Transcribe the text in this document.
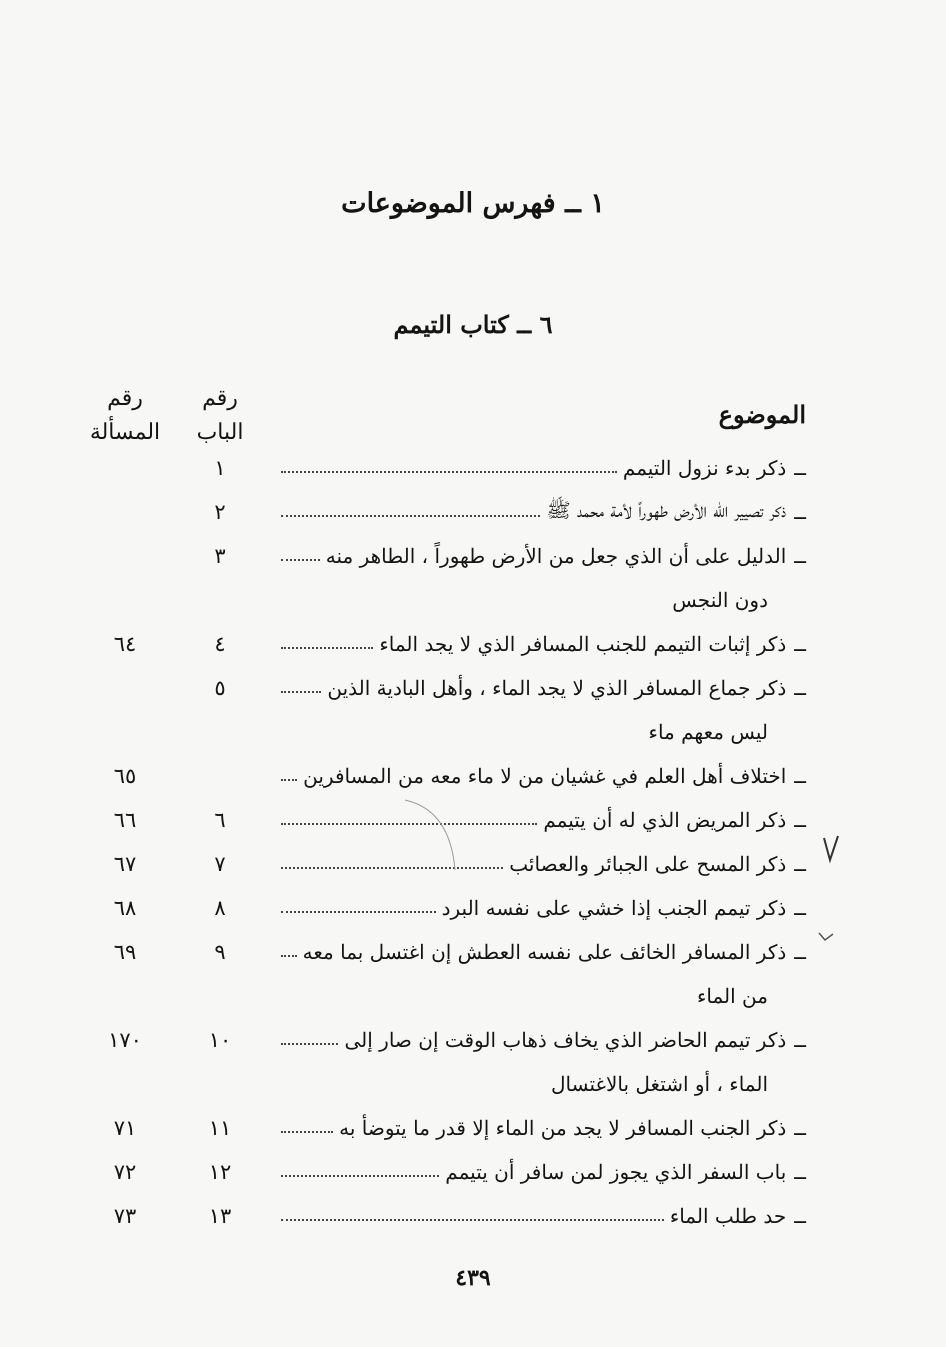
١ ــ فهرس الموضوعات
٦ ــ كتاب التيمم
الموضوع
رقم
الباب
رقم
المسألة
ــ
ذكر بدء نزول التيمم
١
ــ
ذكر تصيير الله الأرض طهوراً لأمة محمد ﷺ
٢
ــ
الدليل على أن الذي جعل من الأرض طهوراً ، الطاهر منه
٣
دون النجس
ــ
ذكر إثبات التيمم للجنب المسافر الذي لا يجد الماء
٤
٦٤
ــ
ذكر جماع المسافر الذي لا يجد الماء ، وأهل البادية الذين
٥
ليس معهم ماء
ــ
اختلاف أهل العلم في غشيان من لا ماء معه من المسافرين
٦٥
ــ
ذكر المريض الذي له أن يتيمم
٦
٦٦
ــ
ذكر المسح على الجبائر والعصائب
٧
٦٧
ــ
ذكر تيمم الجنب إذا خشي على نفسه البرد
٨
٦٨
ــ
ذكر المسافر الخائف على نفسه العطش إن اغتسل بما معه
٩
٦٩
من الماء
ــ
ذكر تيمم الحاضر الذي يخاف ذهاب الوقت إن صار إلى
١٠
١٧٠
الماء ، أو اشتغل بالاغتسال
ــ
ذكر الجنب المسافر لا يجد من الماء إلا قدر ما يتوضأ به
١١
٧١
ــ
باب السفر الذي يجوز لمن سافر أن يتيمم
١٢
٧٢
ــ
حد طلب الماء
١٣
٧٣
٤٣٩
